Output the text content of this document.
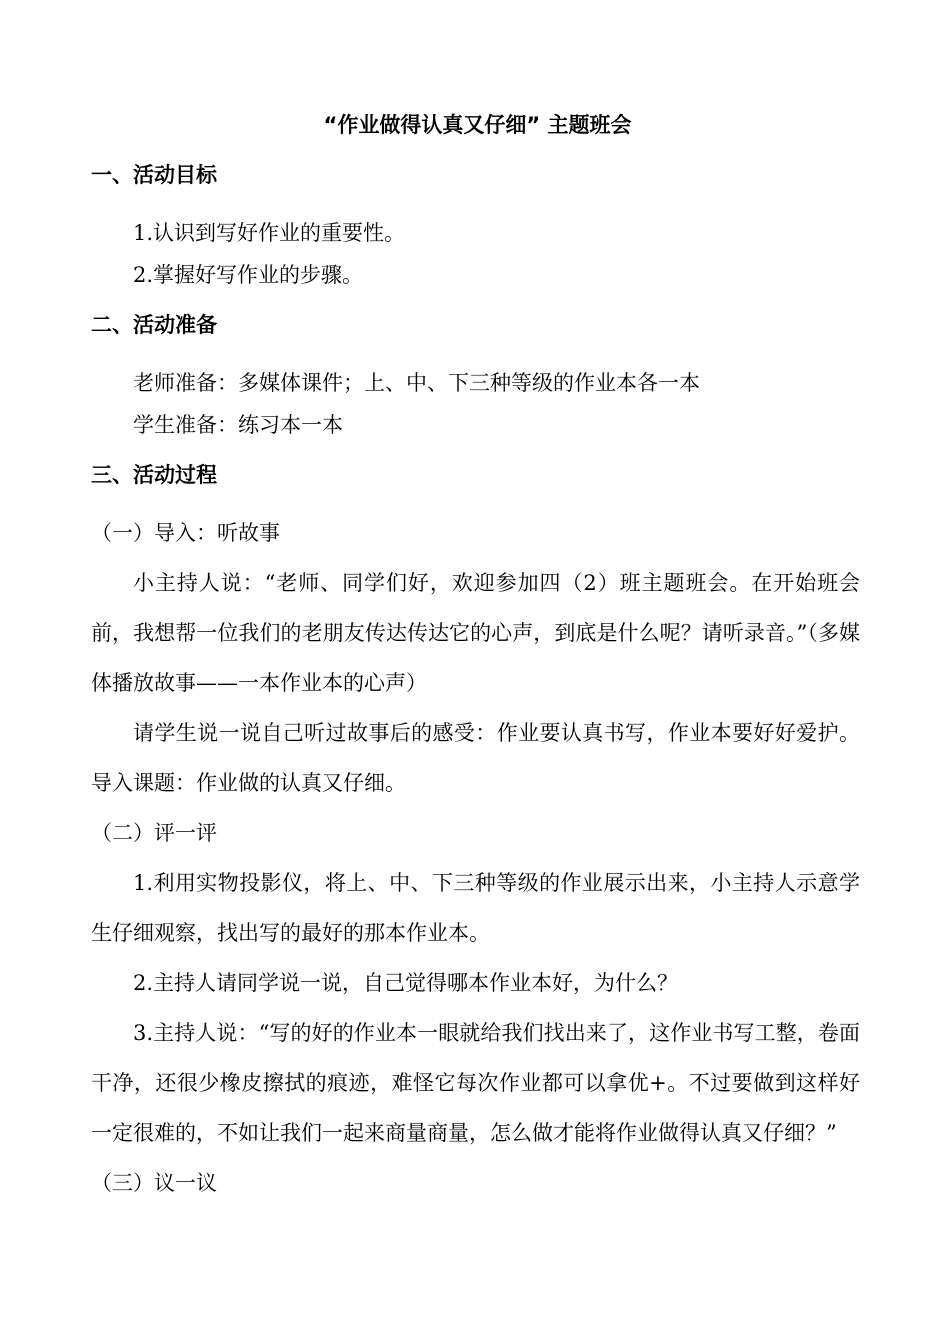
“作业做得认真又仔细” 主题班会
一、活动目标

1.认识到写好作业的重要性。

2.掌握好写作业的步骤。

二、活动准备

老师准备：多媒体课件；上、中、下三种等级的作业本各一本

学生准备：练习本一本

三、活动过程

（一）导入：听故事

小主持人说：“老师、同学们好，欢迎参加四（2）班主题班会。在开始班会前，我想帮一位我们的老朋友传达传达它的心声，到底是什么呢？请听录音。”（多媒体播放故事——一本作业本的心声）

请学生说一说自己听过故事后的感受：作业要认真书写，作业本要好好爱护。导入课题：作业做的认真又仔细。

（二）评一评

1.利用实物投影仪，将上、中、下三种等级的作业展示出来，小主持人示意学生仔细观察，找出写的最好的那本作业本。

2.主持人请同学说一说，自己觉得哪本作业本好，为什么？

3.主持人说：“写的好的作业本一眼就给我们找出来了，这作业书写工整，卷面干净，还很少橡皮擦拭的痕迹，难怪它每次作业都可以拿优+。不过要做到这样好一定很难的，不如让我们一起来商量商量，怎么做才能将作业做得认真又仔细？”

（三）议一议
